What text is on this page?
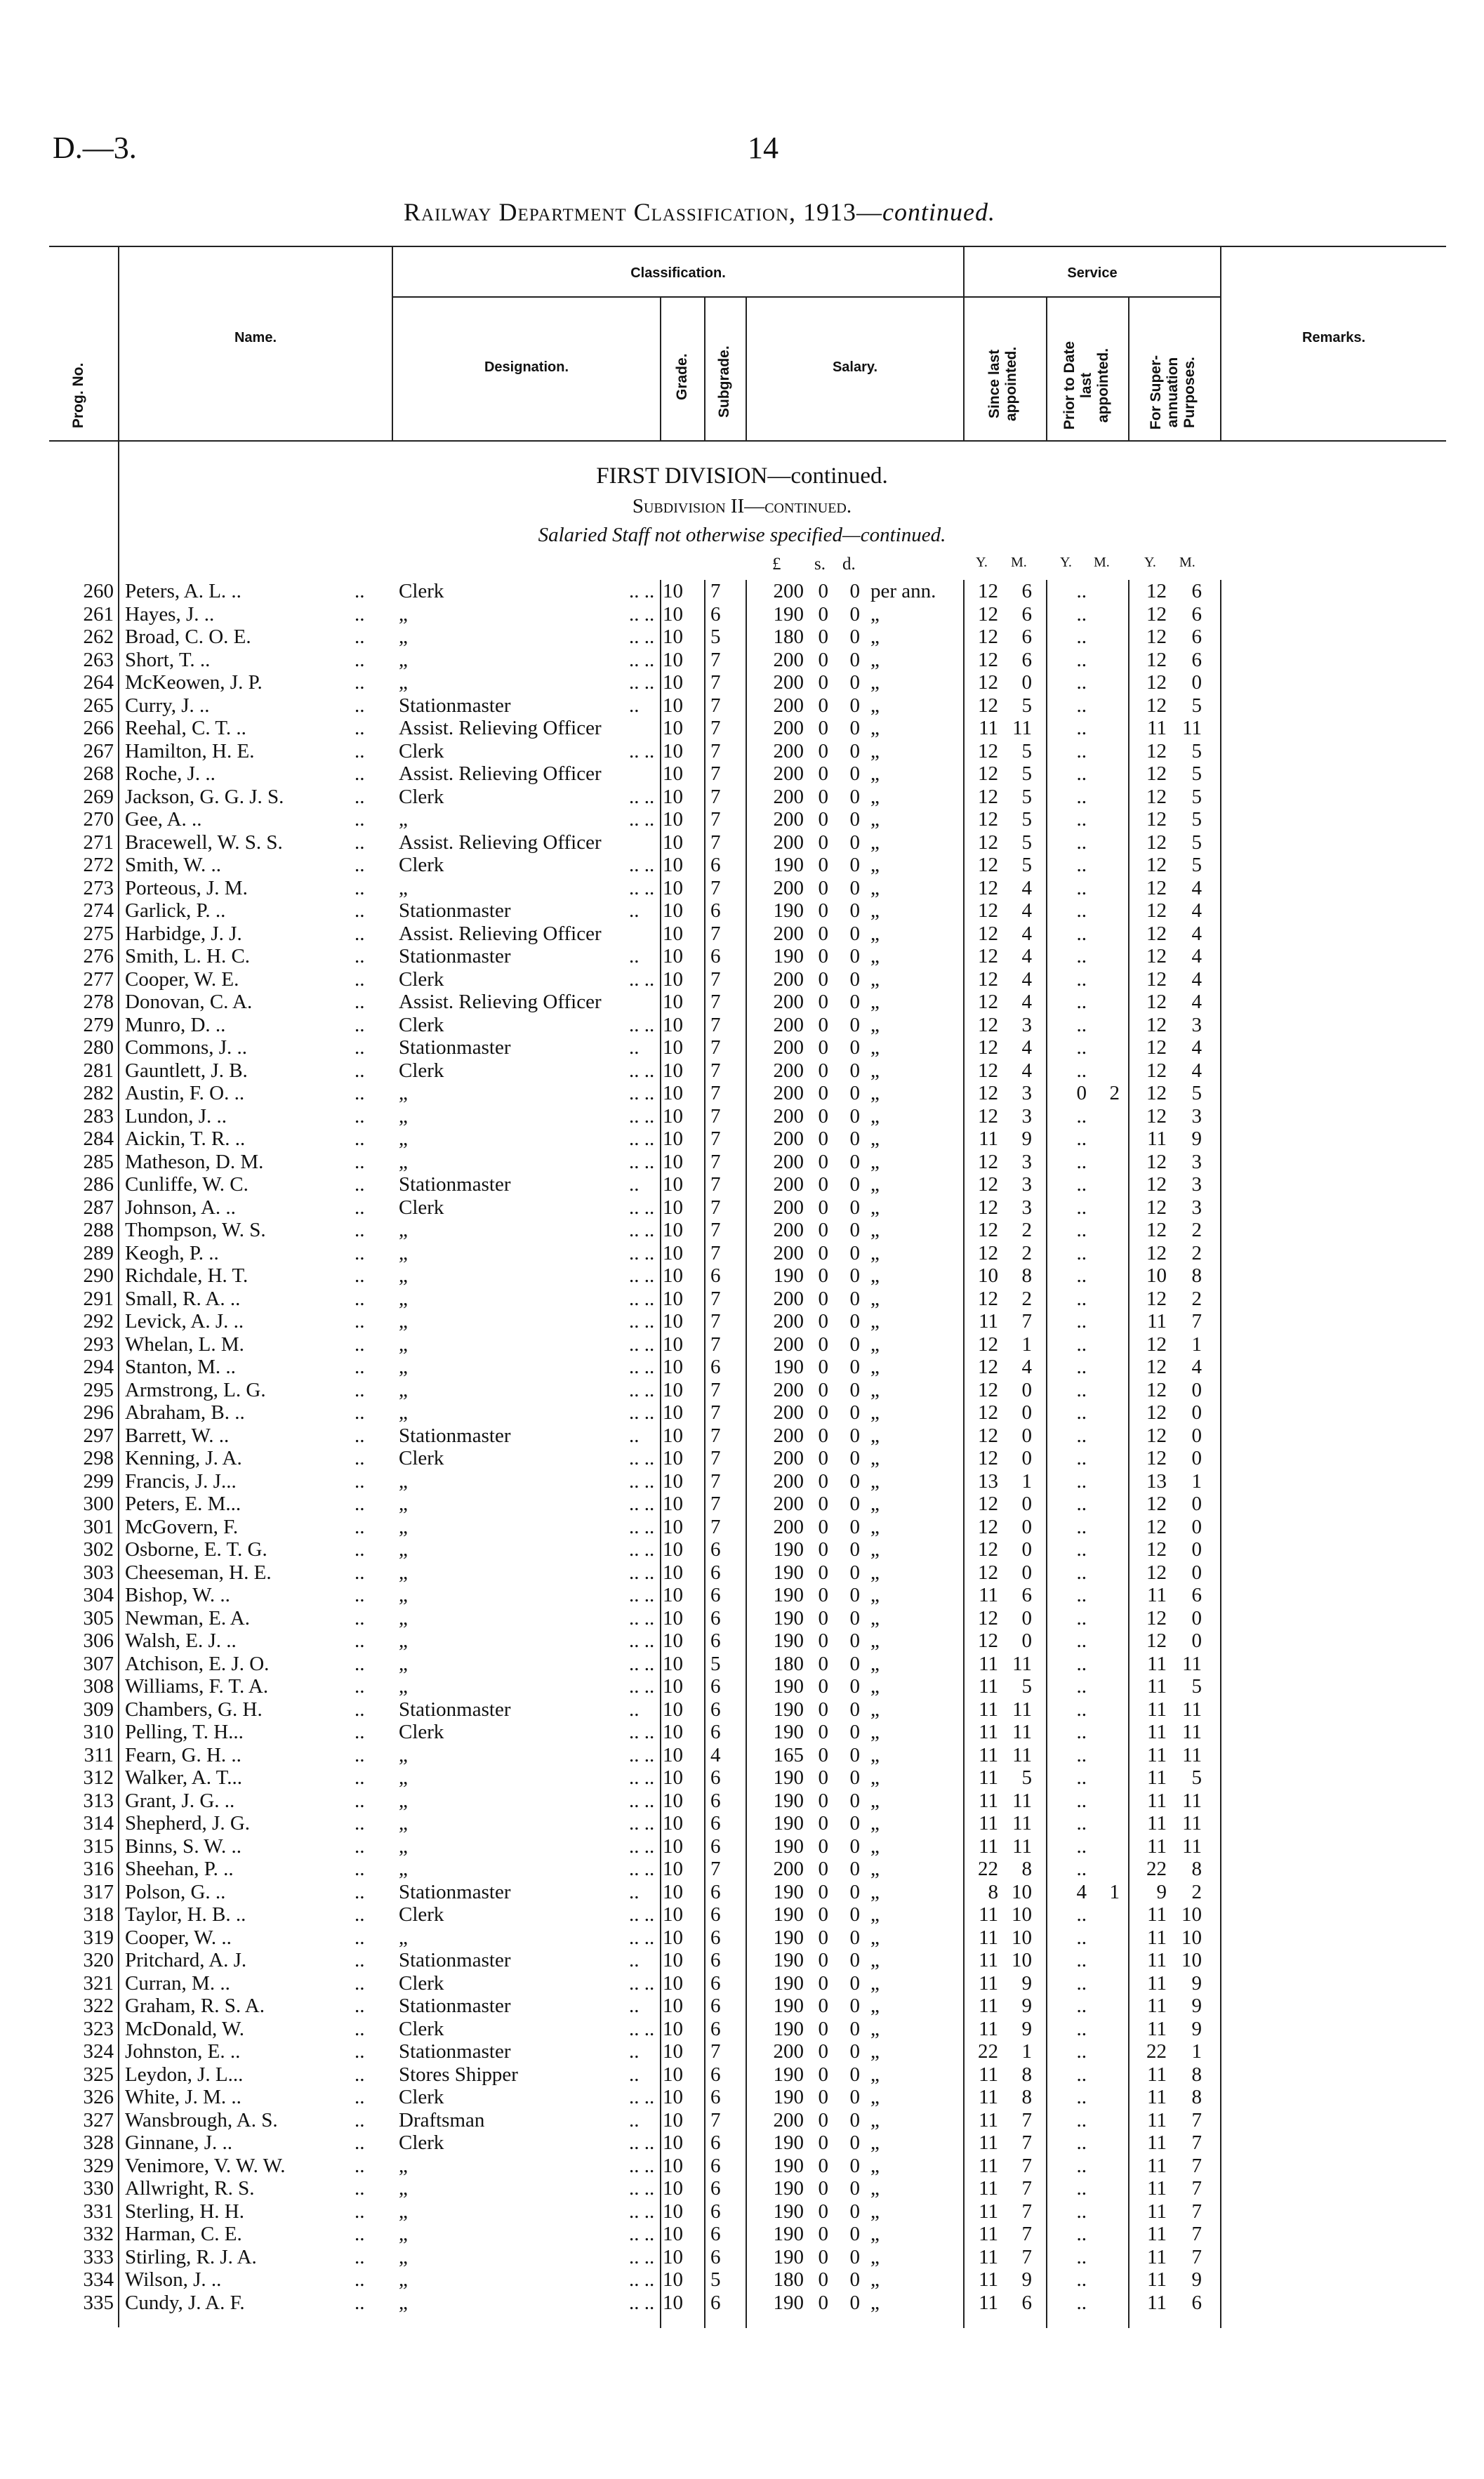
D.—3.	14
Railway Department Classification, 1913—continued.
Prog. No.
Name.
Classification.
Designation.	Grade. Subgrade.	Salary.
Service
Since last
appointed.	Prior to Date
last
appointed. For Super-
annuation
Purposes.
Remarks.
FIRST DIVISION—continued.
Subdivision II—continued.
Salaried Staff not otherwise specified—continued.
£ s. d.	Y. M. Y. M. Y. M.
260 Peters, A. L. ..	.. Clerk	.. .. 10 7	200 0	0 per ann.	12	6	..	12	6
261 Hayes, J. ..	.. „	.. .. 10 6	190 0	0 „	12	6	..	12	6
262 Broad, C. O. E.	.. „	.. .. 10 5	180 0	0 „	12	6	..	12	6
263 Short, T. ..	.. „	.. .. 10 7	200 0	0 „	12	6	..	12	6
264 McKeowen, J. P.	.. „	.. .. 10 7	200 0	0 „	12	0	..	12	0
265 Curry, J. ..	.. Stationmaster	.. 10 7	200 0	0 „	12	5	..	12	5
266 Reehal, C. T. ..	.. Assist. Relieving Officer	10 7	200 0	0 „	11 11	..	11 11
267 Hamilton, H. E.	.. Clerk	.. .. 10 7	200 0	0 „	12	5	..	12	5
268 Roche, J. ..	.. Assist. Relieving Officer	10 7	200 0	0 „	12	5	..	12	5
269 Jackson, G. G. J. S.	.. Clerk	.. .. 10 7	200 0	0 „	12	5	..	12	5
270 Gee, A. ..	.. „	.. .. 10 7	200 0	0 „	12	5	..	12	5
271 Bracewell, W. S. S.	.. Assist. Relieving Officer	10 7	200 0	0 „	12	5	..	12	5
272 Smith, W. ..	.. Clerk	.. .. 10 6	190 0	0 „	12	5	..	12	5
273 Porteous, J. M.	.. „	.. .. 10 7	200 0	0 „	12	4	..	12	4
274 Garlick, P. ..	.. Stationmaster	.. 10 6	190 0	0 „	12	4	..	12	4
275 Harbidge, J. J.	.. Assist. Relieving Officer	10 7	200 0	0 „	12	4	..	12	4
276 Smith, L. H. C.	.. Stationmaster	.. 10 6	190 0	0 „	12	4	..	12	4
277 Cooper, W. E.	.. Clerk	.. .. 10 7	200 0	0 „	12	4	..	12	4
278 Donovan, C. A.	.. Assist. Relieving Officer	10 7	200 0	0 „	12	4	..	12	4
279 Munro, D. ..	.. Clerk	.. .. 10 7	200 0	0 „	12	3	..	12	3
280 Commons, J. ..	.. Stationmaster	.. 10 7	200 0	0 „	12	4	..	12	4
281 Gauntlett, J. B.	.. Clerk	.. .. 10 7	200 0	0 „	12	4	..	12	4
282 Austin, F. O. ..	.. „	.. .. 10 7	200 0	0 „	12	3	0	2	12	5
283 Lundon, J. ..	.. „	.. .. 10 7	200 0	0 „	12	3	..	12	3
284 Aickin, T. R. ..	.. „	.. .. 10 7	200 0	0 „	11	9	..	11	9
285 Matheson, D. M.	.. „	.. .. 10 7	200 0	0 „	12	3	..	12	3
286 Cunliffe, W. C.	.. Stationmaster	.. 10 7	200 0	0 „	12	3	..	12	3
287 Johnson, A. ..	.. Clerk	.. .. 10 7	200 0	0 „	12	3	..	12	3
288 Thompson, W. S.	.. „	.. .. 10 7	200 0	0 „	12	2	..	12	2
289 Keogh, P. ..	.. „	.. .. 10 7	200 0	0 „	12	2	..	12	2
290 Richdale, H. T.	.. „	.. .. 10 6	190 0	0 „	10	8	..	10	8
291 Small, R. A. ..	.. „	.. .. 10 7	200 0	0 „	12	2	..	12	2
292 Levick, A. J. ..	.. „	.. .. 10 7	200 0	0 „	11	7	..	11	7
293 Whelan, L. M.	.. „	.. .. 10 7	200 0	0 „	12	1	..	12	1
294 Stanton, M. ..	.. „	.. .. 10 6	190 0	0 „	12	4	..	12	4
295 Armstrong, L. G.	.. „	.. .. 10 7	200 0	0 „	12	0	..	12	0
296 Abraham, B. ..	.. „	.. .. 10 7	200 0	0 „	12	0	..	12	0
297 Barrett, W. ..	.. Stationmaster	.. 10 7	200 0	0 „	12	0	..	12	0
298 Kenning, J. A.	.. Clerk	.. .. 10 7	200 0	0 „	12	0	..	12	0
299 Francis, J. J...	.. „	.. .. 10 7	200 0	0 „	13	1	..	13	1
300 Peters, E. M...	.. „	.. .. 10 7	200 0	0 „	12	0	..	12	0
301 McGovern, F.	.. „	.. .. 10 7	200 0	0 „	12	0	..	12	0
302 Osborne, E. T. G.	.. „	.. .. 10 6	190 0	0 „	12	0	..	12	0
303 Cheeseman, H. E.	.. „	.. .. 10 6	190 0	0 „	12	0	..	12	0
304 Bishop, W. ..	.. „	.. .. 10 6	190 0	0 „	11	6	..	11	6
305 Newman, E. A.	.. „	.. .. 10 6	190 0	0 „	12	0	..	12	0
306 Walsh, E. J. ..	.. „	.. .. 10 6	190 0	0 „	12	0	..	12	0
307 Atchison, E. J. O.	.. „	.. .. 10 5	180 0	0 „	11 11	..	11 11
308 Williams, F. T. A.	.. „	.. .. 10 6	190 0	0 „	11	5	..	11	5
309 Chambers, G. H.	.. Stationmaster	.. 10 6	190 0	0 „	11 11	..	11 11
310 Pelling, T. H...	.. Clerk	.. .. 10 6	190 0	0 „	11 11	..	11 11
311 Fearn, G. H. ..	.. „	.. .. 10 4	165 0	0 „	11 11	..	11 11
312 Walker, A. T...	.. „	.. .. 10 6	190 0	0 „	11	5	..	11	5
313 Grant, J. G. ..	.. „	.. .. 10 6	190 0	0 „	11 11	..	11 11
314 Shepherd, J. G.	.. „	.. .. 10 6	190 0	0 „	11 11	..	11 11
315 Binns, S. W. ..	.. „	.. .. 10 6	190 0	0 „	11 11	..	11 11
316 Sheehan, P. ..	.. „	.. .. 10 7	200 0	0 „	22	8	..	22	8
317 Polson, G. ..	.. Stationmaster	.. 10 6	190 0	0 „	8 10	4	1	9	2
318 Taylor, H. B. ..	.. Clerk	.. .. 10 6	190 0	0 „	11 10	..	11 10
319 Cooper, W. ..	.. „	.. .. 10 6	190 0	0 „	11 10	..	11 10
320 Pritchard, A. J.	.. Stationmaster	.. 10 6	190 0	0 „	11 10	..	11 10
321 Curran, M. ..	.. Clerk	.. .. 10 6	190 0	0 „	11	9	..	11	9
322 Graham, R. S. A.	.. Stationmaster	.. 10 6	190 0	0 „	11	9	..	11	9
323 McDonald, W.	.. Clerk	.. .. 10 6	190 0	0 „	11	9	..	11	9
324 Johnston, E. ..	.. Stationmaster	.. 10 7	200 0	0 „	22	1	..	22	1
325 Leydon, J. L...	.. Stores Shipper	.. 10 6	190 0	0 „	11	8	..	11	8
326 White, J. M. ..	.. Clerk	.. .. 10 6	190 0	0 „	11	8	..	11	8
327 Wansbrough, A. S.	.. Draftsman	.. 10 7	200 0	0 „	11	7	..	11	7
328 Ginnane, J. ..	.. Clerk	.. .. 10 6	190 0	0 „	11	7	..	11	7
329 Venimore, V. W. W.	.. „	.. .. 10 6	190 0	0 „	11	7	..	11	7
330 Allwright, R. S.	.. „	.. .. 10 6	190 0	0 „	11	7	..	11	7
331 Sterling, H. H.	.. „	.. .. 10 6	190 0	0 „	11	7	..	11	7
332 Harman, C. E.	.. „	.. .. 10 6	190 0	0 „	11	7	..	11	7
333 Stirling, R. J. A.	.. „	.. .. 10 6	190 0	0 „	11	7	..	11	7
334 Wilson, J. ..	.. „	.. .. 10 5	180 0	0 „	11	9	..	11	9
335 Cundy, J. A. F.	.. „	.. .. 10 6	190 0	0 „	11	6	..	11	6
